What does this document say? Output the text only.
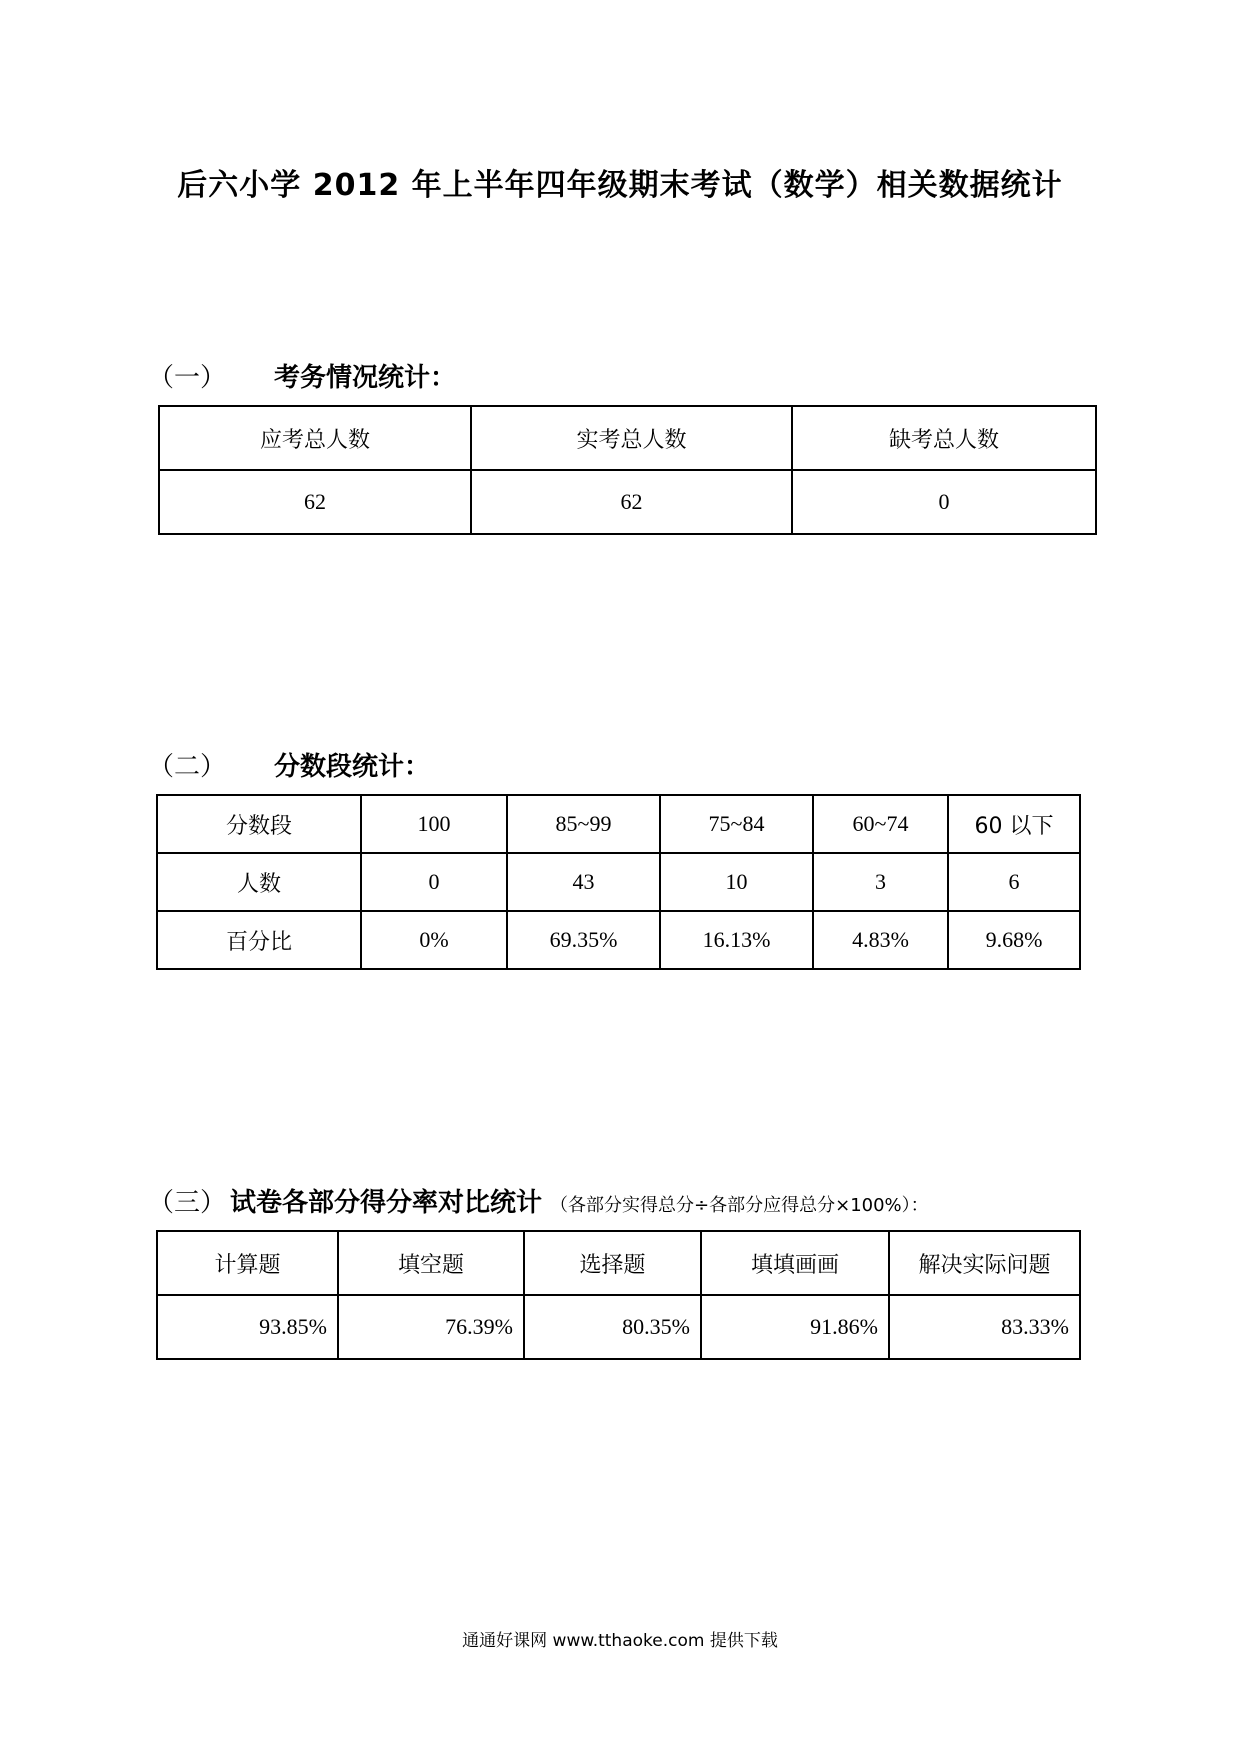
后六小学 2012 年上半年四年级期末考试（数学）相关数据统计
（一） 考务情况统计：
应考总人数	实考总人数	缺考总人数
62	62	0
（二） 分数段统计：
分数段	100	85~99	75~84	60~74	60 以下
人数	0	43	10	3	6
百分比	0%	69.35%	16.13%	4.83%	9.68%
（三） 试卷各部分得分率对比统计 （各部分实得总分÷各部分应得总分×100%）：
计算题	填空题	选择题	填填画画	解决实际问题
93.85%	76.39%	80.35%	91.86%	83.33%
通通好课网 www.tthaoke.com 提供下载
